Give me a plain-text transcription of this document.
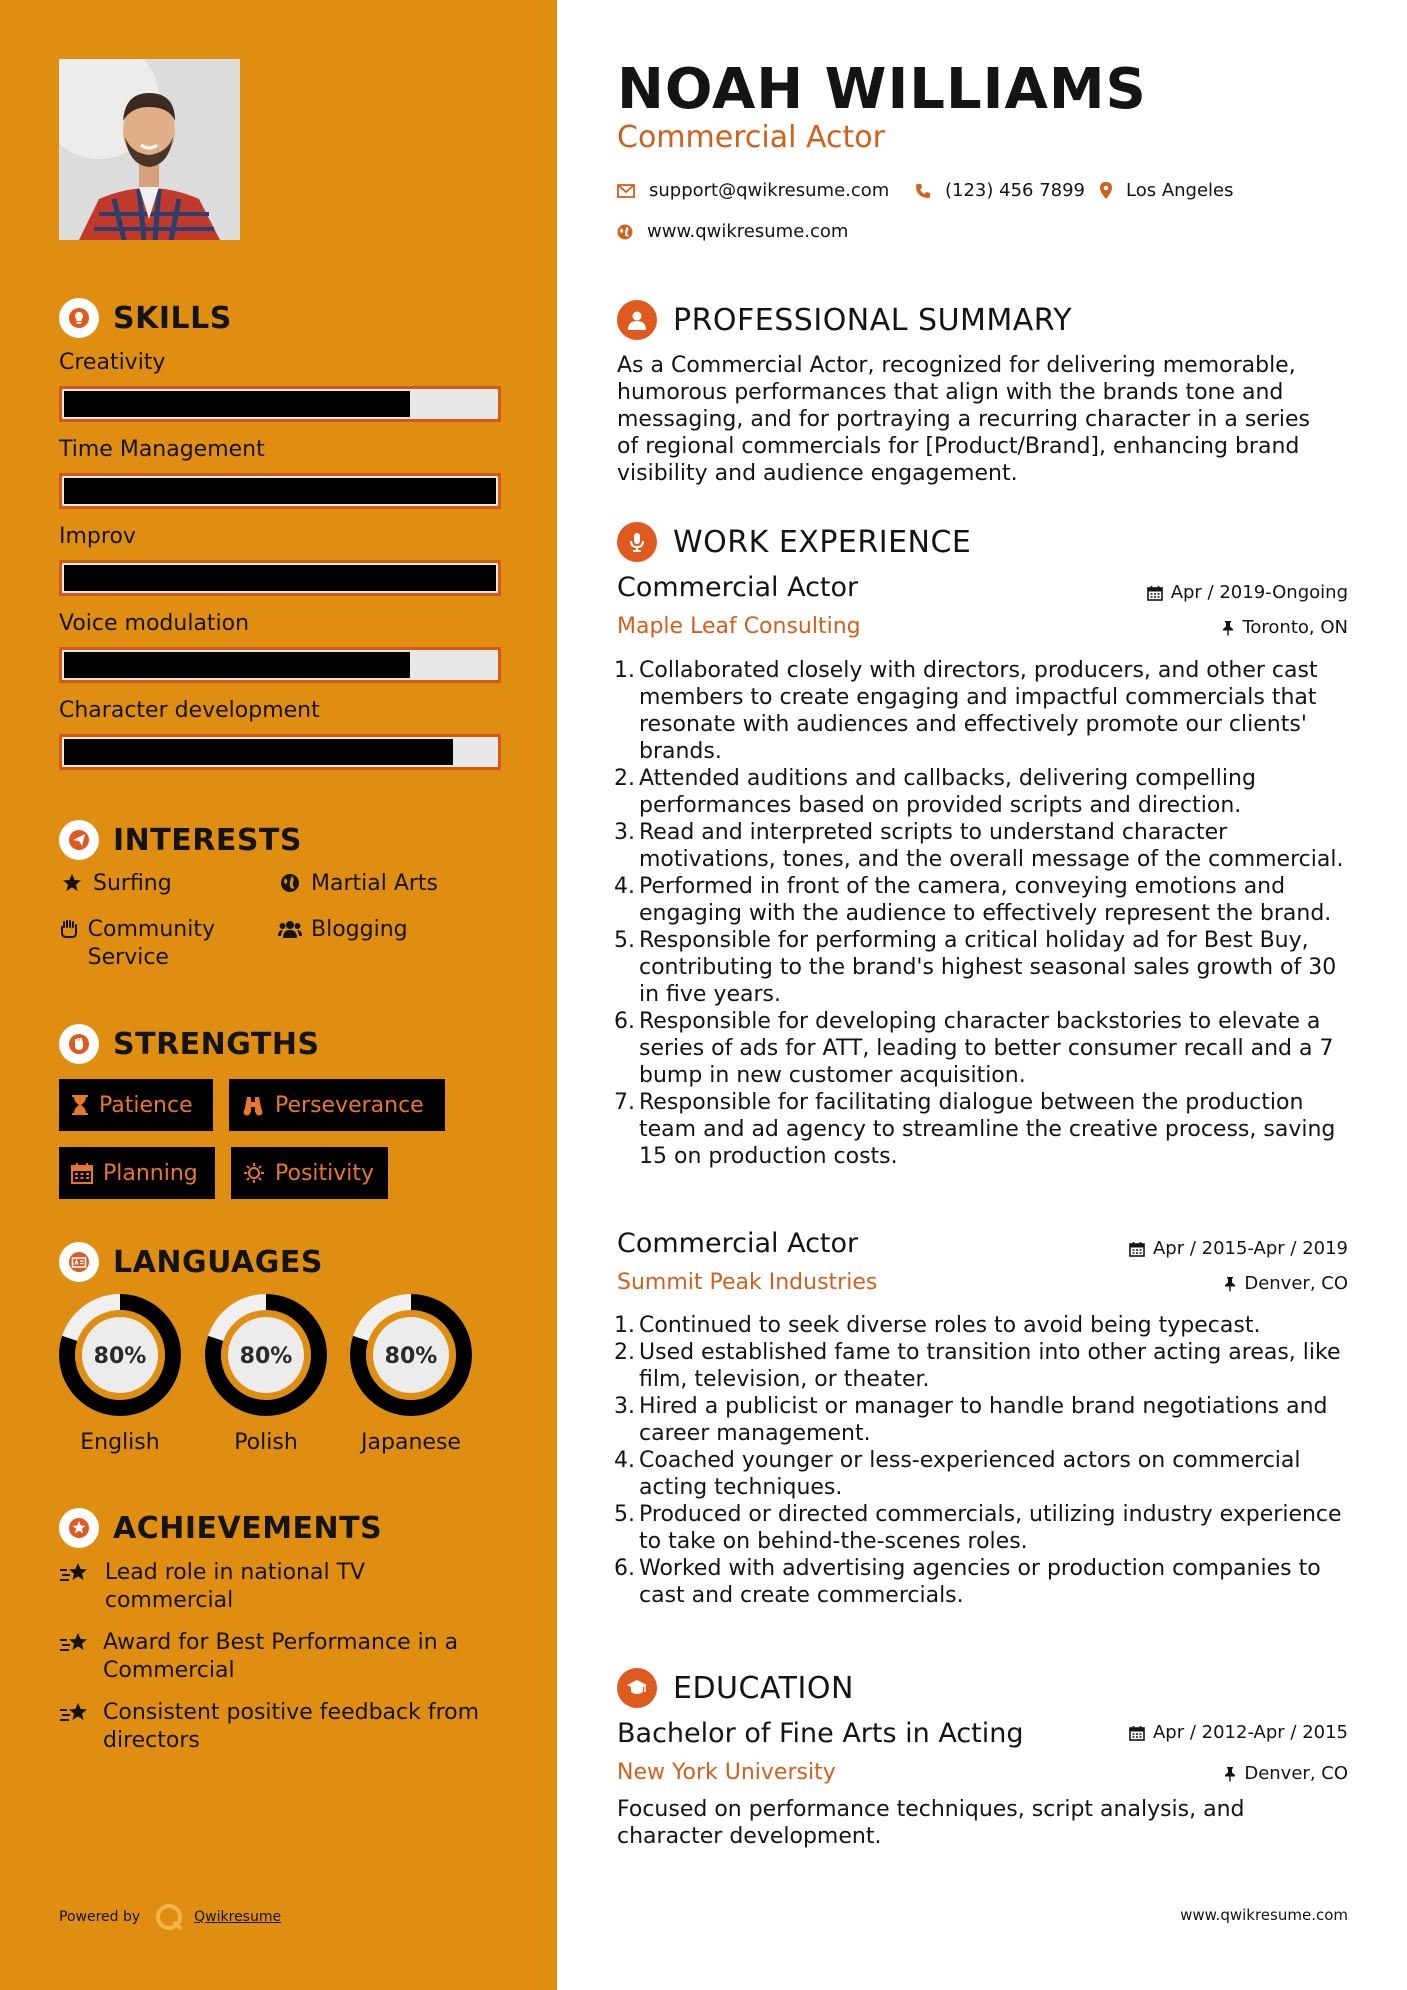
SKILLS
Creativity
Time Management
Improv
Voice modulation
Character development
INTERESTS
Surfing	Martial Arts
Community Service
Blogging
STRENGTHS
Patience	Perseverance
Planning	Positivity
LANGUAGES
80%	80%	80%
English	Polish	Japanese
ACHIEVEMENTS
Lead role in national TV commercial
Award for Best Performance in a Commercial
Consistent positive feedback from directors
Powered by	Qwikresume
NOAH WILLIAMS
Commercial Actor
support@qwikresume.com	(123) 456 7899 Los Angeles
www.qwikresume.com
PROFESSIONAL SUMMARY
As a Commercial Actor, recognized for delivering memorable, humorous performances that align with the brands tone and messaging, and for portraying a recurring character in a series of regional commercials for [Product/Brand], enhancing brand visibility and audience engagement.
WORK EXPERIENCE
Commercial Actor	Apr / 2019-Ongoing
Maple Leaf Consulting	Toronto, ON
1. Collaborated closely with directors, producers, and other cast members to create engaging and impactful commercials that resonate with audiences and effectively promote our clients' brands.
2. Attended auditions and callbacks, delivering compelling performances based on provided scripts and direction.
3. Read and interpreted scripts to understand character motivations, tones, and the overall message of the commercial.
4. Performed in front of the camera, conveying emotions and engaging with the audience to effectively represent the brand.
5. Responsible for performing a critical holiday ad for Best Buy, contributing to the brand's highest seasonal sales growth of 30 in five years.
6. Responsible for developing character backstories to elevate a series of ads for ATT, leading to better consumer recall and a 7 bump in new customer acquisition.
7. Responsible for facilitating dialogue between the production team and ad agency to streamline the creative process, saving 15 on production costs.
Commercial Actor	Apr / 2015-Apr / 2019
Summit Peak Industries	Denver, CO
1. Continued to seek diverse roles to avoid being typecast.
2. Used established fame to transition into other acting areas, like film, television, or theater.
3. Hired a publicist or manager to handle brand negotiations and career management.
4. Coached younger or less-experienced actors on commercial acting techniques.
5. Produced or directed commercials, utilizing industry experience to take on behind-the-scenes roles.
6. Worked with advertising agencies or production companies to cast and create commercials.
EDUCATION
Bachelor of Fine Arts in Acting	Apr / 2012-Apr / 2015
New York University	Denver, CO
Focused on performance techniques, script analysis, and character development.
www.qwikresume.com
